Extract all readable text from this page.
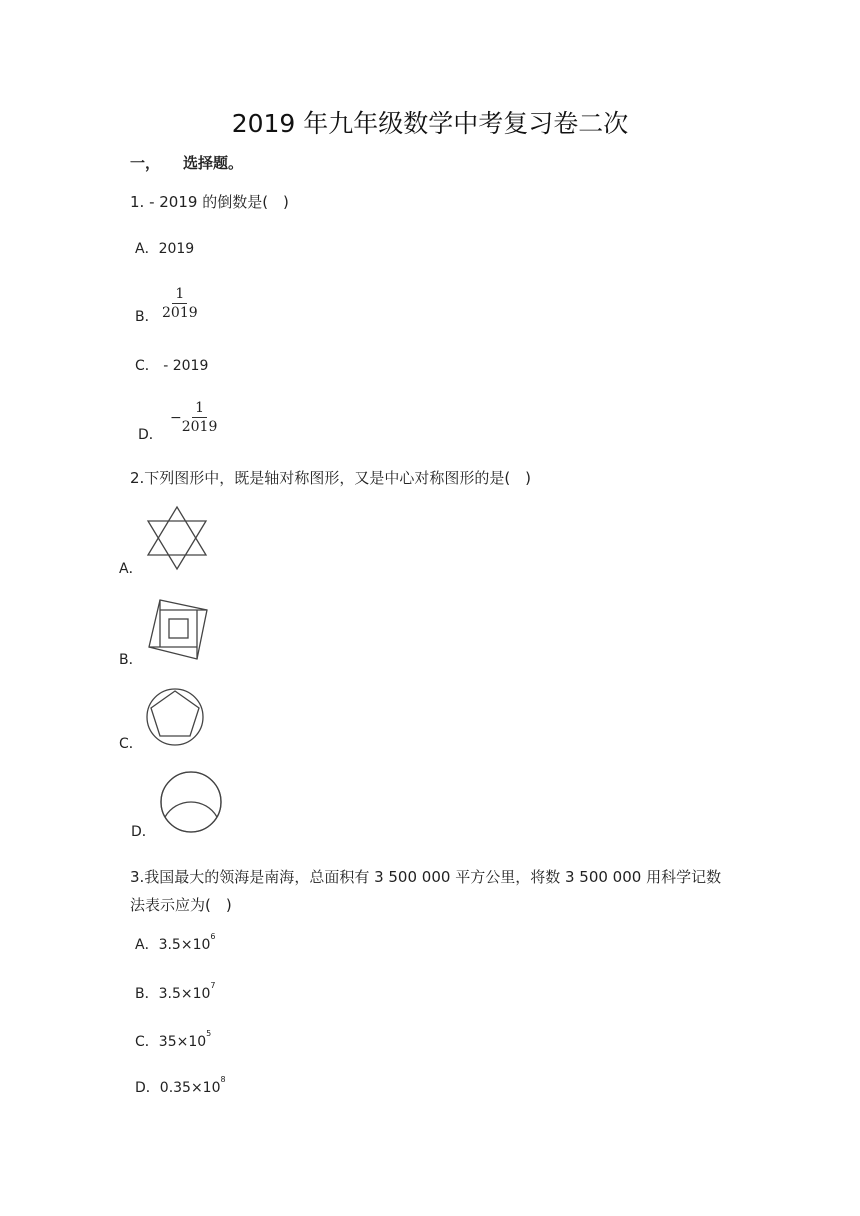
2019 年九年级数学中考复习卷二次
一， 选择题。
1. - 2019 的倒数是(　)
A．2019
B． $\frac{1}{2019}$
C． - 2019
D．
− $\frac{1}{2019}$
2.下列图形中，既是轴对称图形，又是中心对称图形的是(　)
A．
B．
C．
D．
3.我国最大的领海是南海，总面积有 3 500 000 平方公里，将数 3 500 000 用科学记数
法表示应为(　)
A．$3.5\times 10^6$
B．$3.5\times 10^7$
C．$35\times 10^5$
D．$0.35\times 10^8$
